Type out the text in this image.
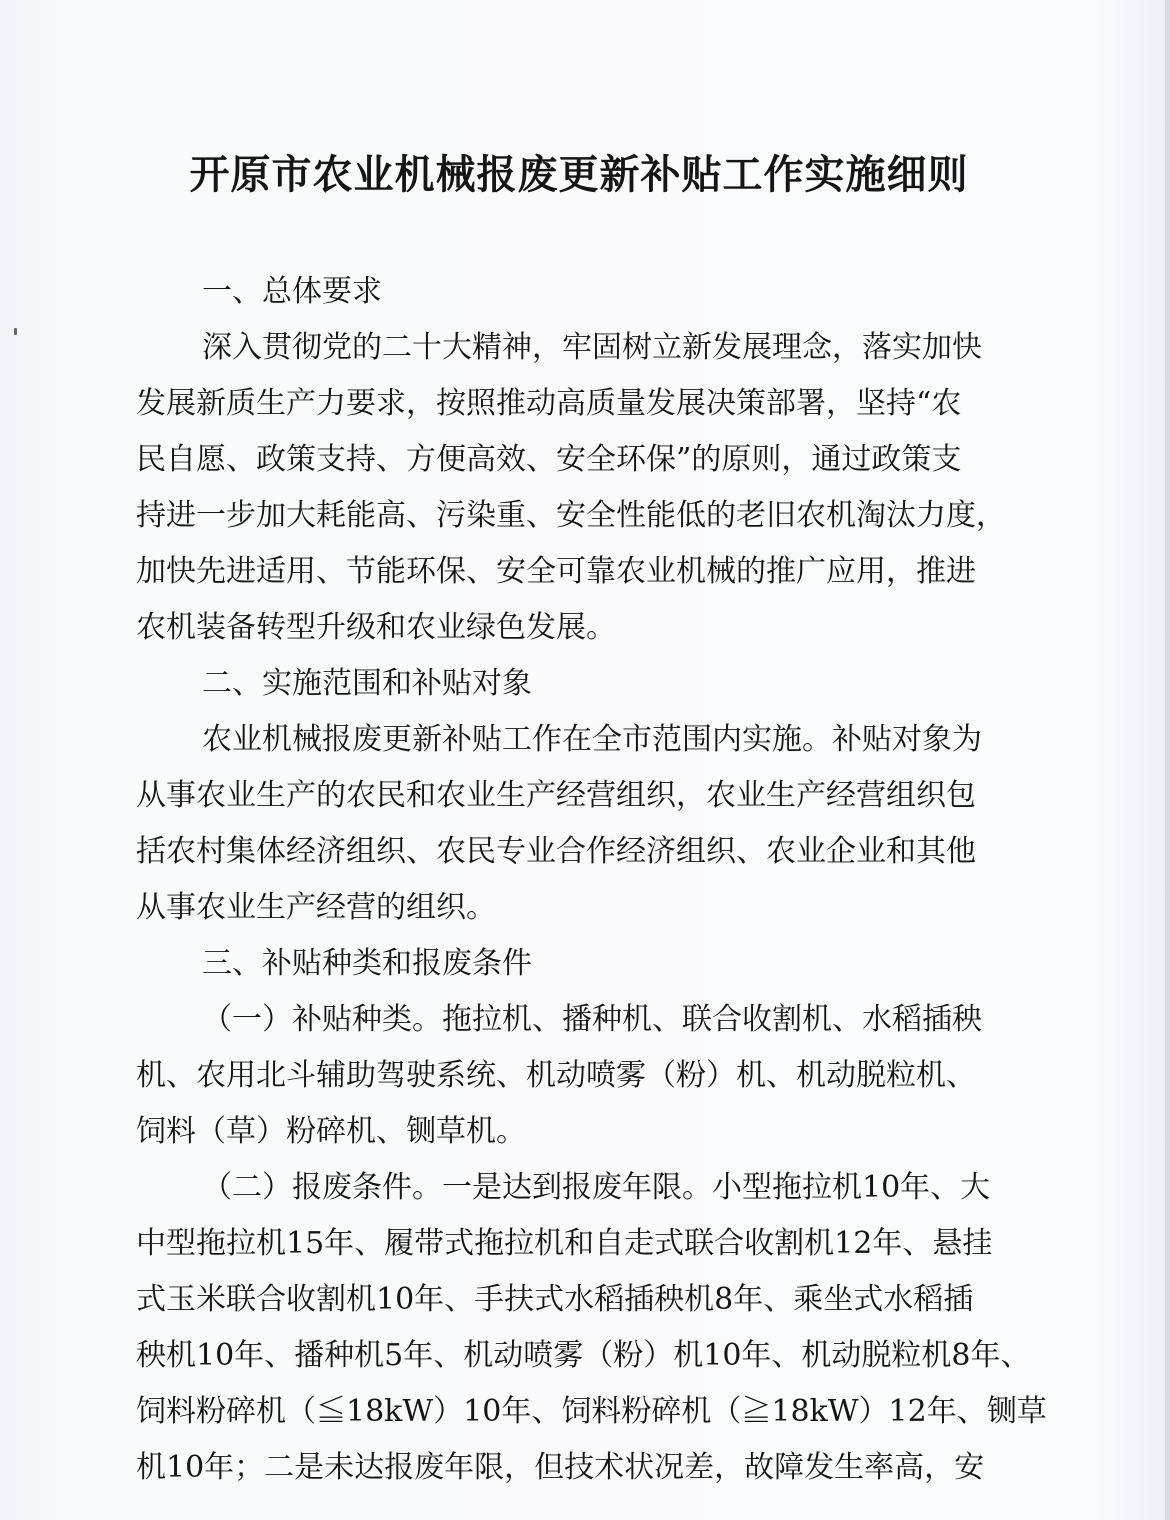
开原市农业机械报废更新补贴工作实施细则
一、总体要求
深入贯彻党的二十大精神，牢固树立新发展理念，落实加快
发展新质生产力要求，按照推动高质量发展决策部署，坚持“农
民自愿、政策支持、方便高效、安全环保”的原则，通过政策支
持进一步加大耗能高、污染重、安全性能低的老旧农机淘汰力度，
加快先进适用、节能环保、安全可靠农业机械的推广应用，推进
农机装备转型升级和农业绿色发展。
二、实施范围和补贴对象
农业机械报废更新补贴工作在全市范围内实施。补贴对象为
从事农业生产的农民和农业生产经营组织，农业生产经营组织包
括农村集体经济组织、农民专业合作经济组织、农业企业和其他
从事农业生产经营的组织。
三、补贴种类和报废条件
（一）补贴种类。拖拉机、播种机、联合收割机、水稻插秧
机、农用北斗辅助驾驶系统、机动喷雾（粉）机、机动脱粒机、
饲料（草）粉碎机、铡草机。
（二）报废条件。一是达到报废年限。小型拖拉机10年、大
中型拖拉机15年、履带式拖拉机和自走式联合收割机12年、悬挂
式玉米联合收割机10年、手扶式水稻插秧机8年、乘坐式水稻插
秧机10年、播种机5年、机动喷雾（粉）机10年、机动脱粒机8年、
饲料粉碎机（≦18kW）10年、饲料粉碎机（≧18kW）12年、铡草
机10年；二是未达报废年限，但技术状况差，故障发生率高，安
